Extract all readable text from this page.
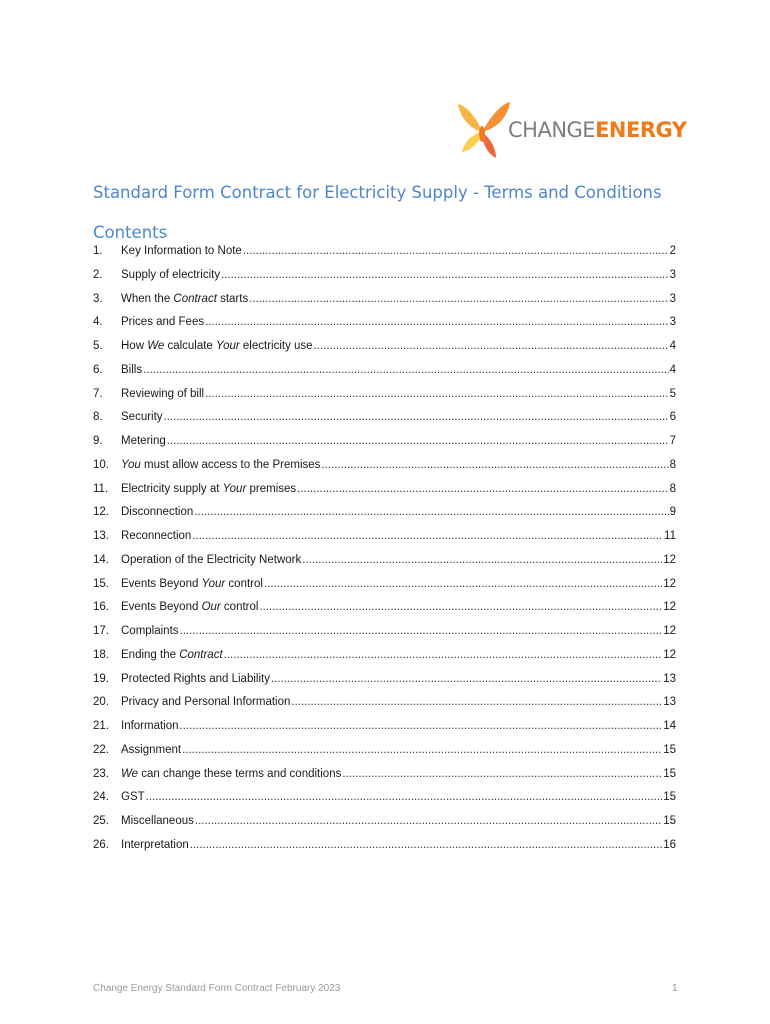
CHANGEENERGY
Standard Form Contract for Electricity Supply - Terms and Conditions
Contents
1.	Key Information to Note .....	2
2.	Supply of electricity .....	3
3.	When the Contract starts .....	3
4.	Prices and Fees .....	3
5.	How We calculate Your electricity use .....	4
6.	Bills .....	4
7.	Reviewing of bill .....	5
8.	Security .....	6
9.	Metering .....	7
10.	You must allow access to the Premises .....	8
11.	Electricity supply at Your premises .....	8
12.	Disconnection .....	9
13.	Reconnection .....	11
14.	Operation of the Electricity Network .....	12
15.	Events Beyond Your control .....	12
16.	Events Beyond Our control .....	12
17.	Complaints .....	12
18.	Ending the Contract .....	12
19.	Protected Rights and Liability .....	13
20.	Privacy and Personal Information .....	13
21.	Information .....	14
22.	Assignment .....	15
23.	We can change these terms and conditions .....	15
24.	GST .....	15
25.	Miscellaneous .....	15
26.	Interpretation .....	16
Change Energy Standard Form Contract February 2023	1
